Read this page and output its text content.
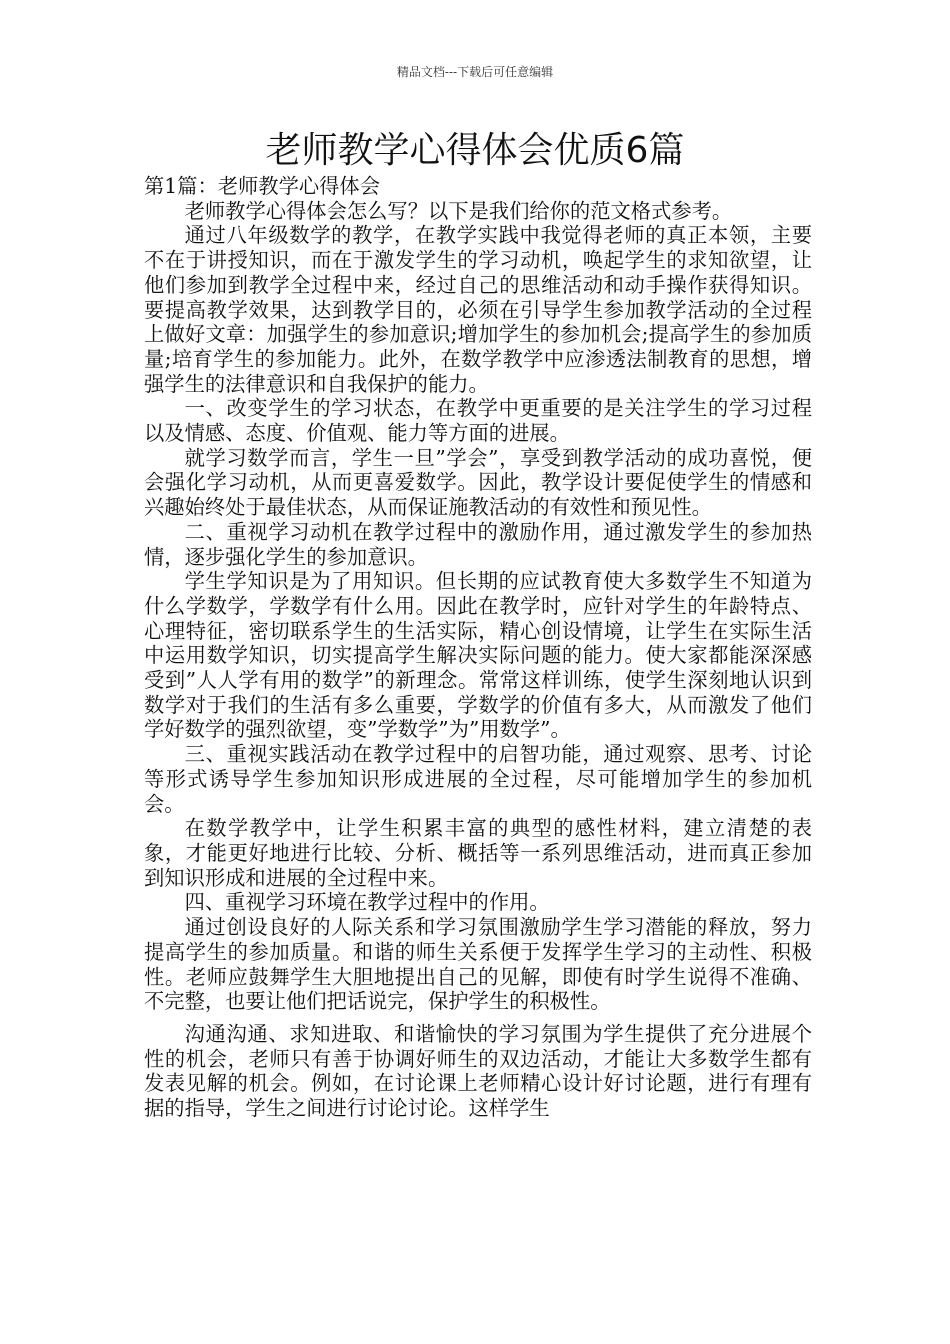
精品文档---下载后可任意编辑
老师教学心得体会优质6篇

第1篇：老师教学心得体会

老师教学心得体会怎么写？以下是我们给你的范文格式参考。

通过八年级数学的教学，在教学实践中我觉得老师的真正本领，主要不在于讲授知识，而在于激发学生的学习动机，唤起学生的求知欲望，让他们参加到教学全过程中来，经过自己的思维活动和动手操作获得知识。要提高教学效果，达到教学目的，必须在引导学生参加教学活动的全过程上做好文章：加强学生的参加意识;增加学生的参加机会;提高学生的参加质量;培育学生的参加能力。此外，在数学教学中应渗透法制教育的思想，增强学生的法律意识和自我保护的能力。

一、改变学生的学习状态，在教学中更重要的是关注学生的学习过程以及情感、态度、价值观、能力等方面的进展。

就学习数学而言，学生一旦”学会”，享受到教学活动的成功喜悦，便会强化学习动机，从而更喜爱数学。因此，教学设计要促使学生的情感和兴趣始终处于最佳状态，从而保证施教活动的有效性和预见性。

二、重视学习动机在教学过程中的激励作用，通过激发学生的参加热情，逐步强化学生的参加意识。

学生学知识是为了用知识。但长期的应试教育使大多数学生不知道为什么学数学，学数学有什么用。因此在教学时，应针对学生的年龄特点、心理特征，密切联系学生的生活实际，精心创设情境，让学生在实际生活中运用数学知识，切实提高学生解决实际问题的能力。使大家都能深深感受到”人人学有用的数学”的新理念。常常这样训练，使学生深刻地认识到数学对于我们的生活有多么重要，学数学的价值有多大，从而激发了他们学好数学的强烈欲望，变”学数学”为”用数学”。

三、重视实践活动在教学过程中的启智功能，通过观察、思考、讨论等形式诱导学生参加知识形成进展的全过程，尽可能增加学生的参加机会。

在数学教学中，让学生积累丰富的典型的感性材料，建立清楚的表象，才能更好地进行比较、分析、概括等一系列思维活动，进而真正参加到知识形成和进展的全过程中来。

四、重视学习环境在教学过程中的作用。

通过创设良好的人际关系和学习氛围激励学生学习潜能的释放，努力提高学生的参加质量。和谐的师生关系便于发挥学生学习的主动性、积极性。老师应鼓舞学生大胆地提出自己的见解，即使有时学生说得不准确、不完整，也要让他们把话说完，保护学生的积极性。

沟通沟通、求知进取、和谐愉快的学习氛围为学生提供了充分进展个性的机会，老师只有善于协调好师生的双边活动，才能让大多数学生都有发表见解的机会。例如，在讨论课上老师精心设计好讨论题，进行有理有据的指导，学生之间进行讨论讨论。这样学生
